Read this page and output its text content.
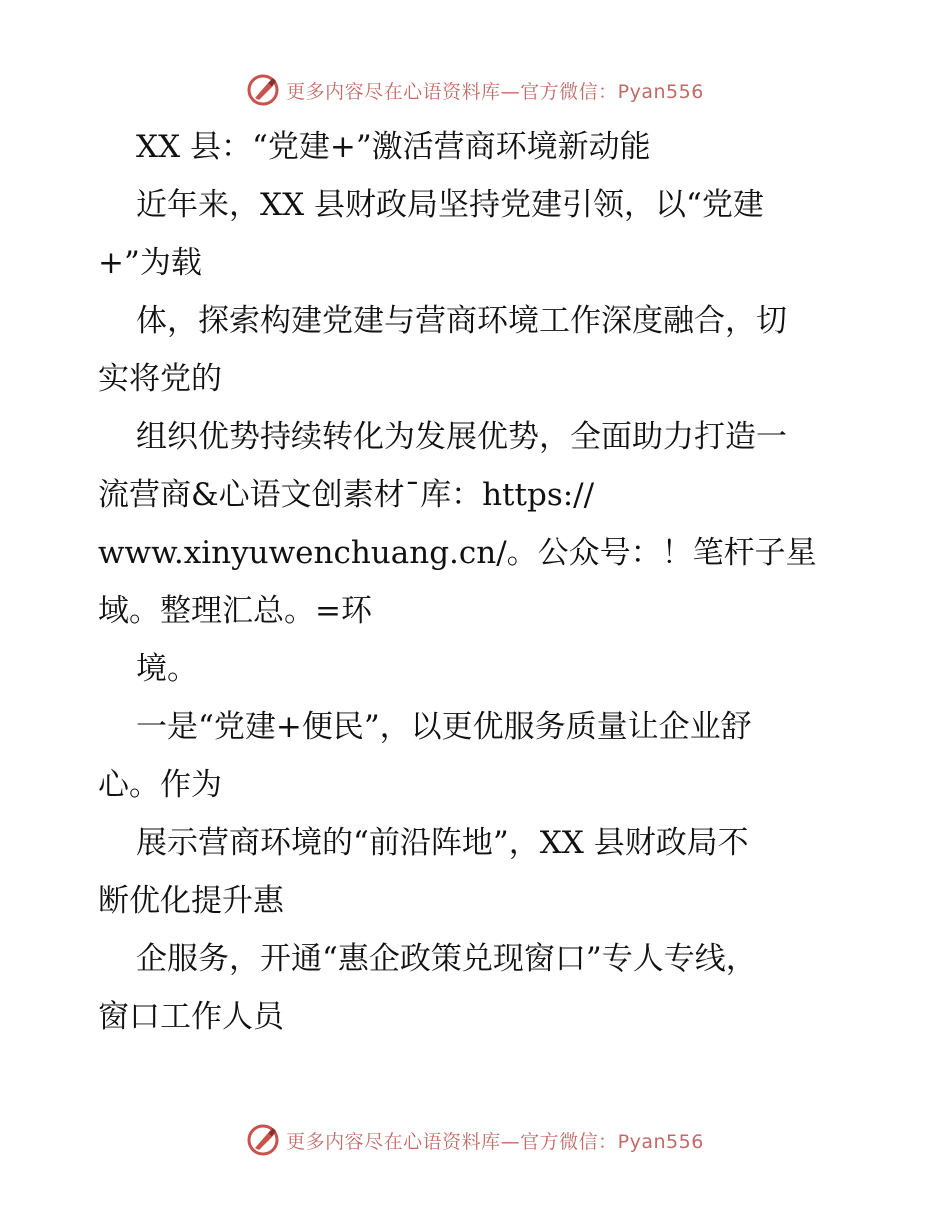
更多内容尽在心语资料库—官方微信：Pyan556

XX 县：“党建+”激活营商环境新动能

近年来，XX 县财政局坚持党建引领，以“党建

+”为载

体，探索构建党建与营商环境工作深度融合，切

实将党的

组织优势持续转化为发展优势，全面助力打造一

流营商&心语文创素材¯库：https://

www.xinyuwenchuang.cn/。公众号：！笔杆子星

域。整理汇总。=环

境。

一是“党建+便民”，以更优服务质量让企业舒

心。作为

展示营商环境的“前沿阵地”，XX 县财政局不

断优化提升惠

企服务，开通“惠企政策兑现窗口”专人专线，

窗口工作人员

更多内容尽在心语资料库—官方微信：Pyan556
